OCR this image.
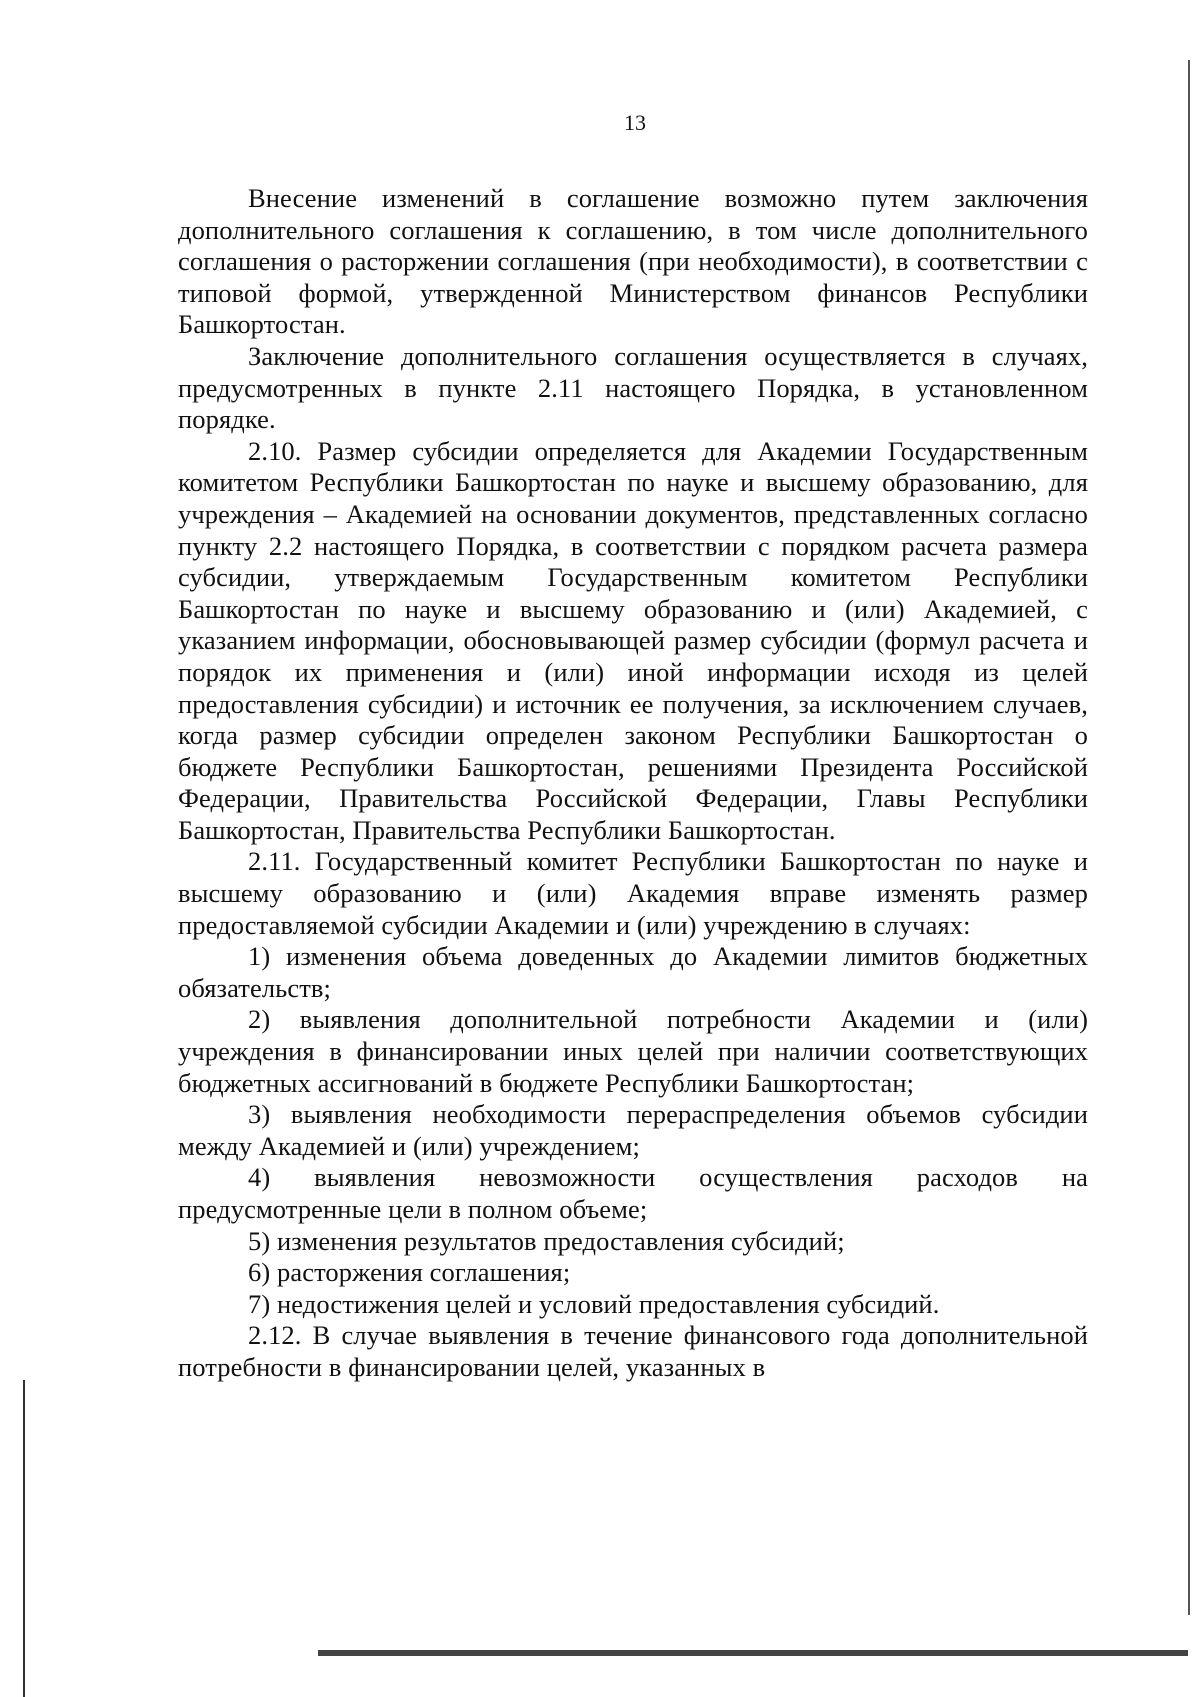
13

Внесение изменений в соглашение возможно путем заключения дополнительного соглашения к соглашению, в том числе дополнительного соглашения о расторжении соглашения (при необходимости), в соответствии с типовой формой, утвержденной Министерством финансов Республики Башкортостан.

Заключение дополнительного соглашения осуществляется в случаях, предусмотренных в пункте 2.11 настоящего Порядка, в установленном порядке.

2.10. Размер субсидии определяется для Академии Государственным комитетом Республики Башкортостан по науке и высшему образованию, для учреждения – Академией на основании документов, представленных согласно пункту 2.2 настоящего Порядка, в соответствии с порядком расчета размера субсидии, утверждаемым Государственным комитетом Республики Башкортостан по науке и высшему образованию и (или) Академией, с указанием информации, обосновывающей размер субсидии (формул расчета и порядок их применения и (или) иной информации исходя из целей предоставления субсидии) и источник ее получения, за исключением случаев, когда размер субсидии определен законом Республики Башкортостан о бюджете Республики Башкортостан, решениями Президента Российской Федерации, Правительства Российской Федерации, Главы Республики Башкортостан, Правительства Республики Башкортостан.

2.11. Государственный комитет Республики Башкортостан по науке и высшему образованию и (или) Академия вправе изменять размер предоставляемой субсидии Академии и (или) учреждению в случаях:

1) изменения объема доведенных до Академии лимитов бюджетных обязательств;

2) выявления дополнительной потребности Академии и (или) учреждения в финансировании иных целей при наличии соответствующих бюджетных ассигнований в бюджете Республики Башкортостан;

3) выявления необходимости перераспределения объемов субсидии между Академией и (или) учреждением;

4) выявления невозможности осуществления расходов на предусмотренные цели в полном объеме;

5) изменения результатов предоставления субсидий;

6) расторжения соглашения;

7) недостижения целей и условий предоставления субсидий.

2.12. В случае выявления в течение финансового года дополнительной потребности в финансировании целей, указанных в
